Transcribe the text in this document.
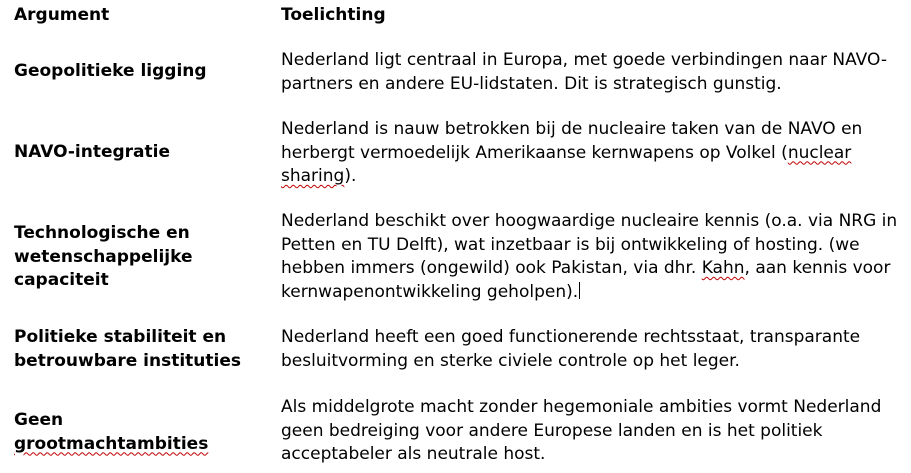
Argument	Toelichting
Geopolitieke ligging
Nederland ligt centraal in Europa, met goede verbindingen naar NAVO-partners en andere EU-lidstaten. Dit is strategisch gunstig.
NAVO-integratie
Nederland is nauw betrokken bij de nucleaire taken van de NAVO en herbergt vermoedelijk Amerikaanse kernwapens op Volkel (nuclear sharing).
Technologische en
wetenschappelijke
capaciteit
Nederland beschikt over hoogwaardige nucleaire kennis (o.a. via NRG in Petten en TU Delft), wat inzetbaar is bij ontwikkeling of hosting. (we hebben immers (ongewild) ook Pakistan, via dhr. Kahn, aan kennis voor kernwapenontwikkeling geholpen).
Politieke stabiliteit en
betrouwbare instituties
Nederland heeft een goed functionerende rechtsstaat, transparante besluitvorming en sterke civiele controle op het leger.
Geen
grootmachtambities
Als middelgrote macht zonder hegemoniale ambities vormt Nederland geen bedreiging voor andere Europese landen en is het politiek acceptabeler als neutrale host.
